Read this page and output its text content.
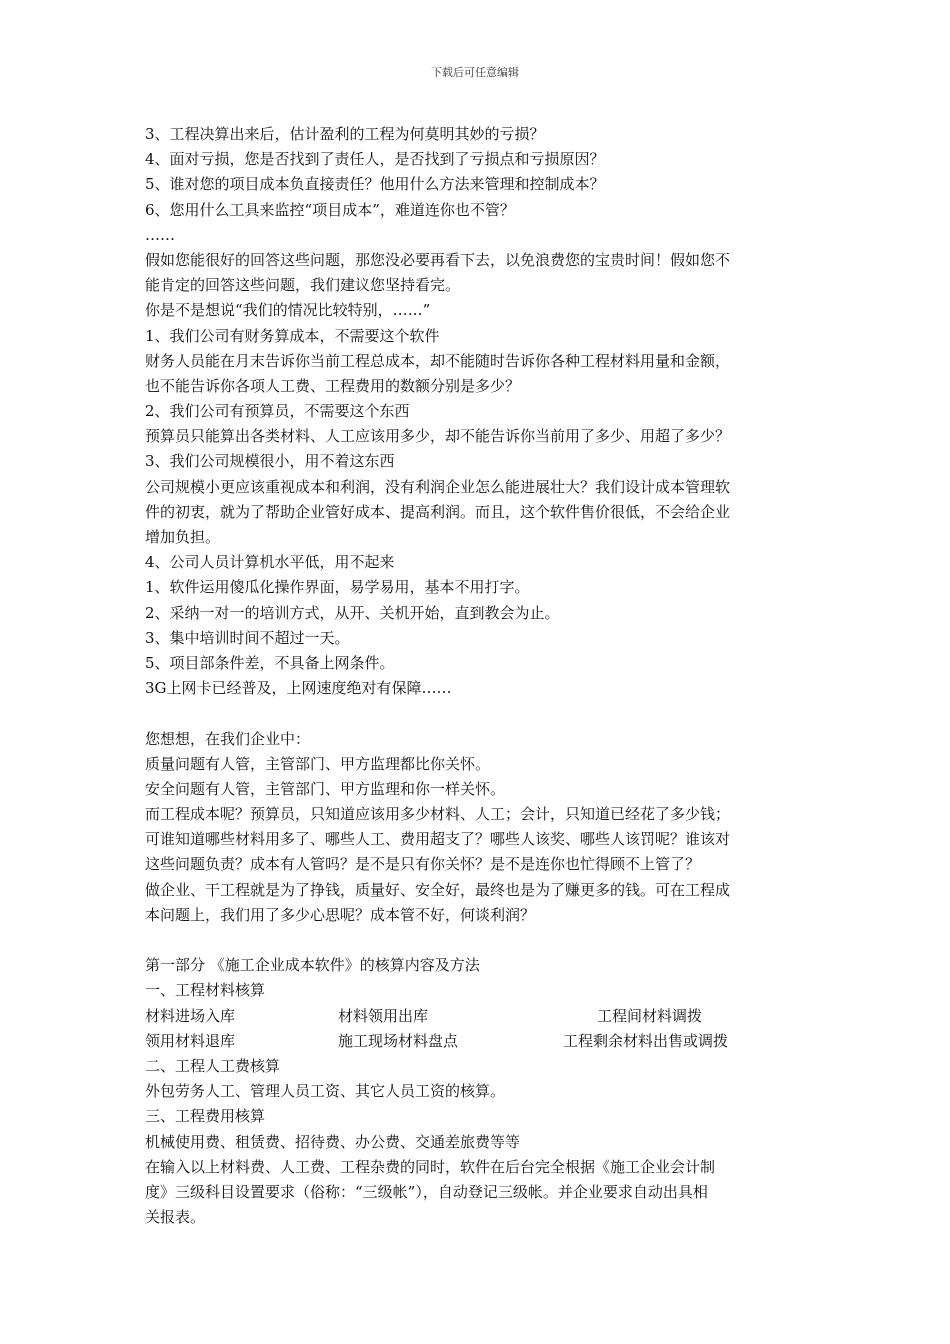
下载后可任意编辑
3、工程决算出来后，估计盈利的工程为何莫明其妙的亏损？
4、面对亏损，您是否找到了责任人，是否找到了亏损点和亏损原因？
5、谁对您的项目成本负直接责任？他用什么方法来管理和控制成本？
6、您用什么工具来监控“项目成本”，难道连你也不管？
……
假如您能很好的回答这些问题，那您没必要再看下去，以免浪费您的宝贵时间！假如您不
能肯定的回答这些问题，我们建议您坚持看完。
你是不是想说“我们的情况比较特别，……”
1、我们公司有财务算成本，不需要这个软件
财务人员能在月末告诉你当前工程总成本，却不能随时告诉你各种工程材料用量和金额，
也不能告诉你各项人工费、工程费用的数额分别是多少？
2、我们公司有预算员，不需要这个东西
预算员只能算出各类材料、人工应该用多少，却不能告诉你当前用了多少、用超了多少？
3、我们公司规模很小，用不着这东西
公司规模小更应该重视成本和利润，没有利润企业怎么能进展壮大？我们设计成本管理软
件的初衷，就为了帮助企业管好成本、提高利润。而且，这个软件售价很低，不会给企业
增加负担。
4、公司人员计算机水平低，用不起来
1、软件运用傻瓜化操作界面，易学易用，基本不用打字。
2、采纳一对一的培训方式，从开、关机开始，直到教会为止。
3、集中培训时间不超过一天。
5、项目部条件差，不具备上网条件。
3G上网卡已经普及，上网速度绝对有保障……
您想想，在我们企业中：
质量问题有人管，主管部门、甲方监理都比你关怀。
安全问题有人管，主管部门、甲方监理和你一样关怀。
而工程成本呢？预算员，只知道应该用多少材料、人工；会计，只知道已经花了多少钱；
可谁知道哪些材料用多了、哪些人工、费用超支了？哪些人该奖、哪些人该罚呢？谁该对
这些问题负责？成本有人管吗？是不是只有你关怀？是不是连你也忙得顾不上管了？
做企业、干工程就是为了挣钱，质量好、安全好，最终也是为了赚更多的钱。可在工程成
本问题上，我们用了多少心思呢？成本管不好，何谈利润？
第一部分 《施工企业成本软件》的核算内容及方法
一、工程材料核算
材料进场入库	材料领用出库	工程间材料调拨
领用材料退库	施工现场材料盘点	工程剩余材料出售或调拨
二、工程人工费核算
外包劳务人工、管理人员工资、其它人员工资的核算。
三、工程费用核算
机械使用费、租赁费、招待费、办公费、交通差旅费等等
在输入以上材料费、人工费、工程杂费的同时，软件在后台完全根据《施工企业会计制
度》三级科目设置要求（俗称：“三级帐”），自动登记三级帐。并企业要求自动出具相
关报表。
